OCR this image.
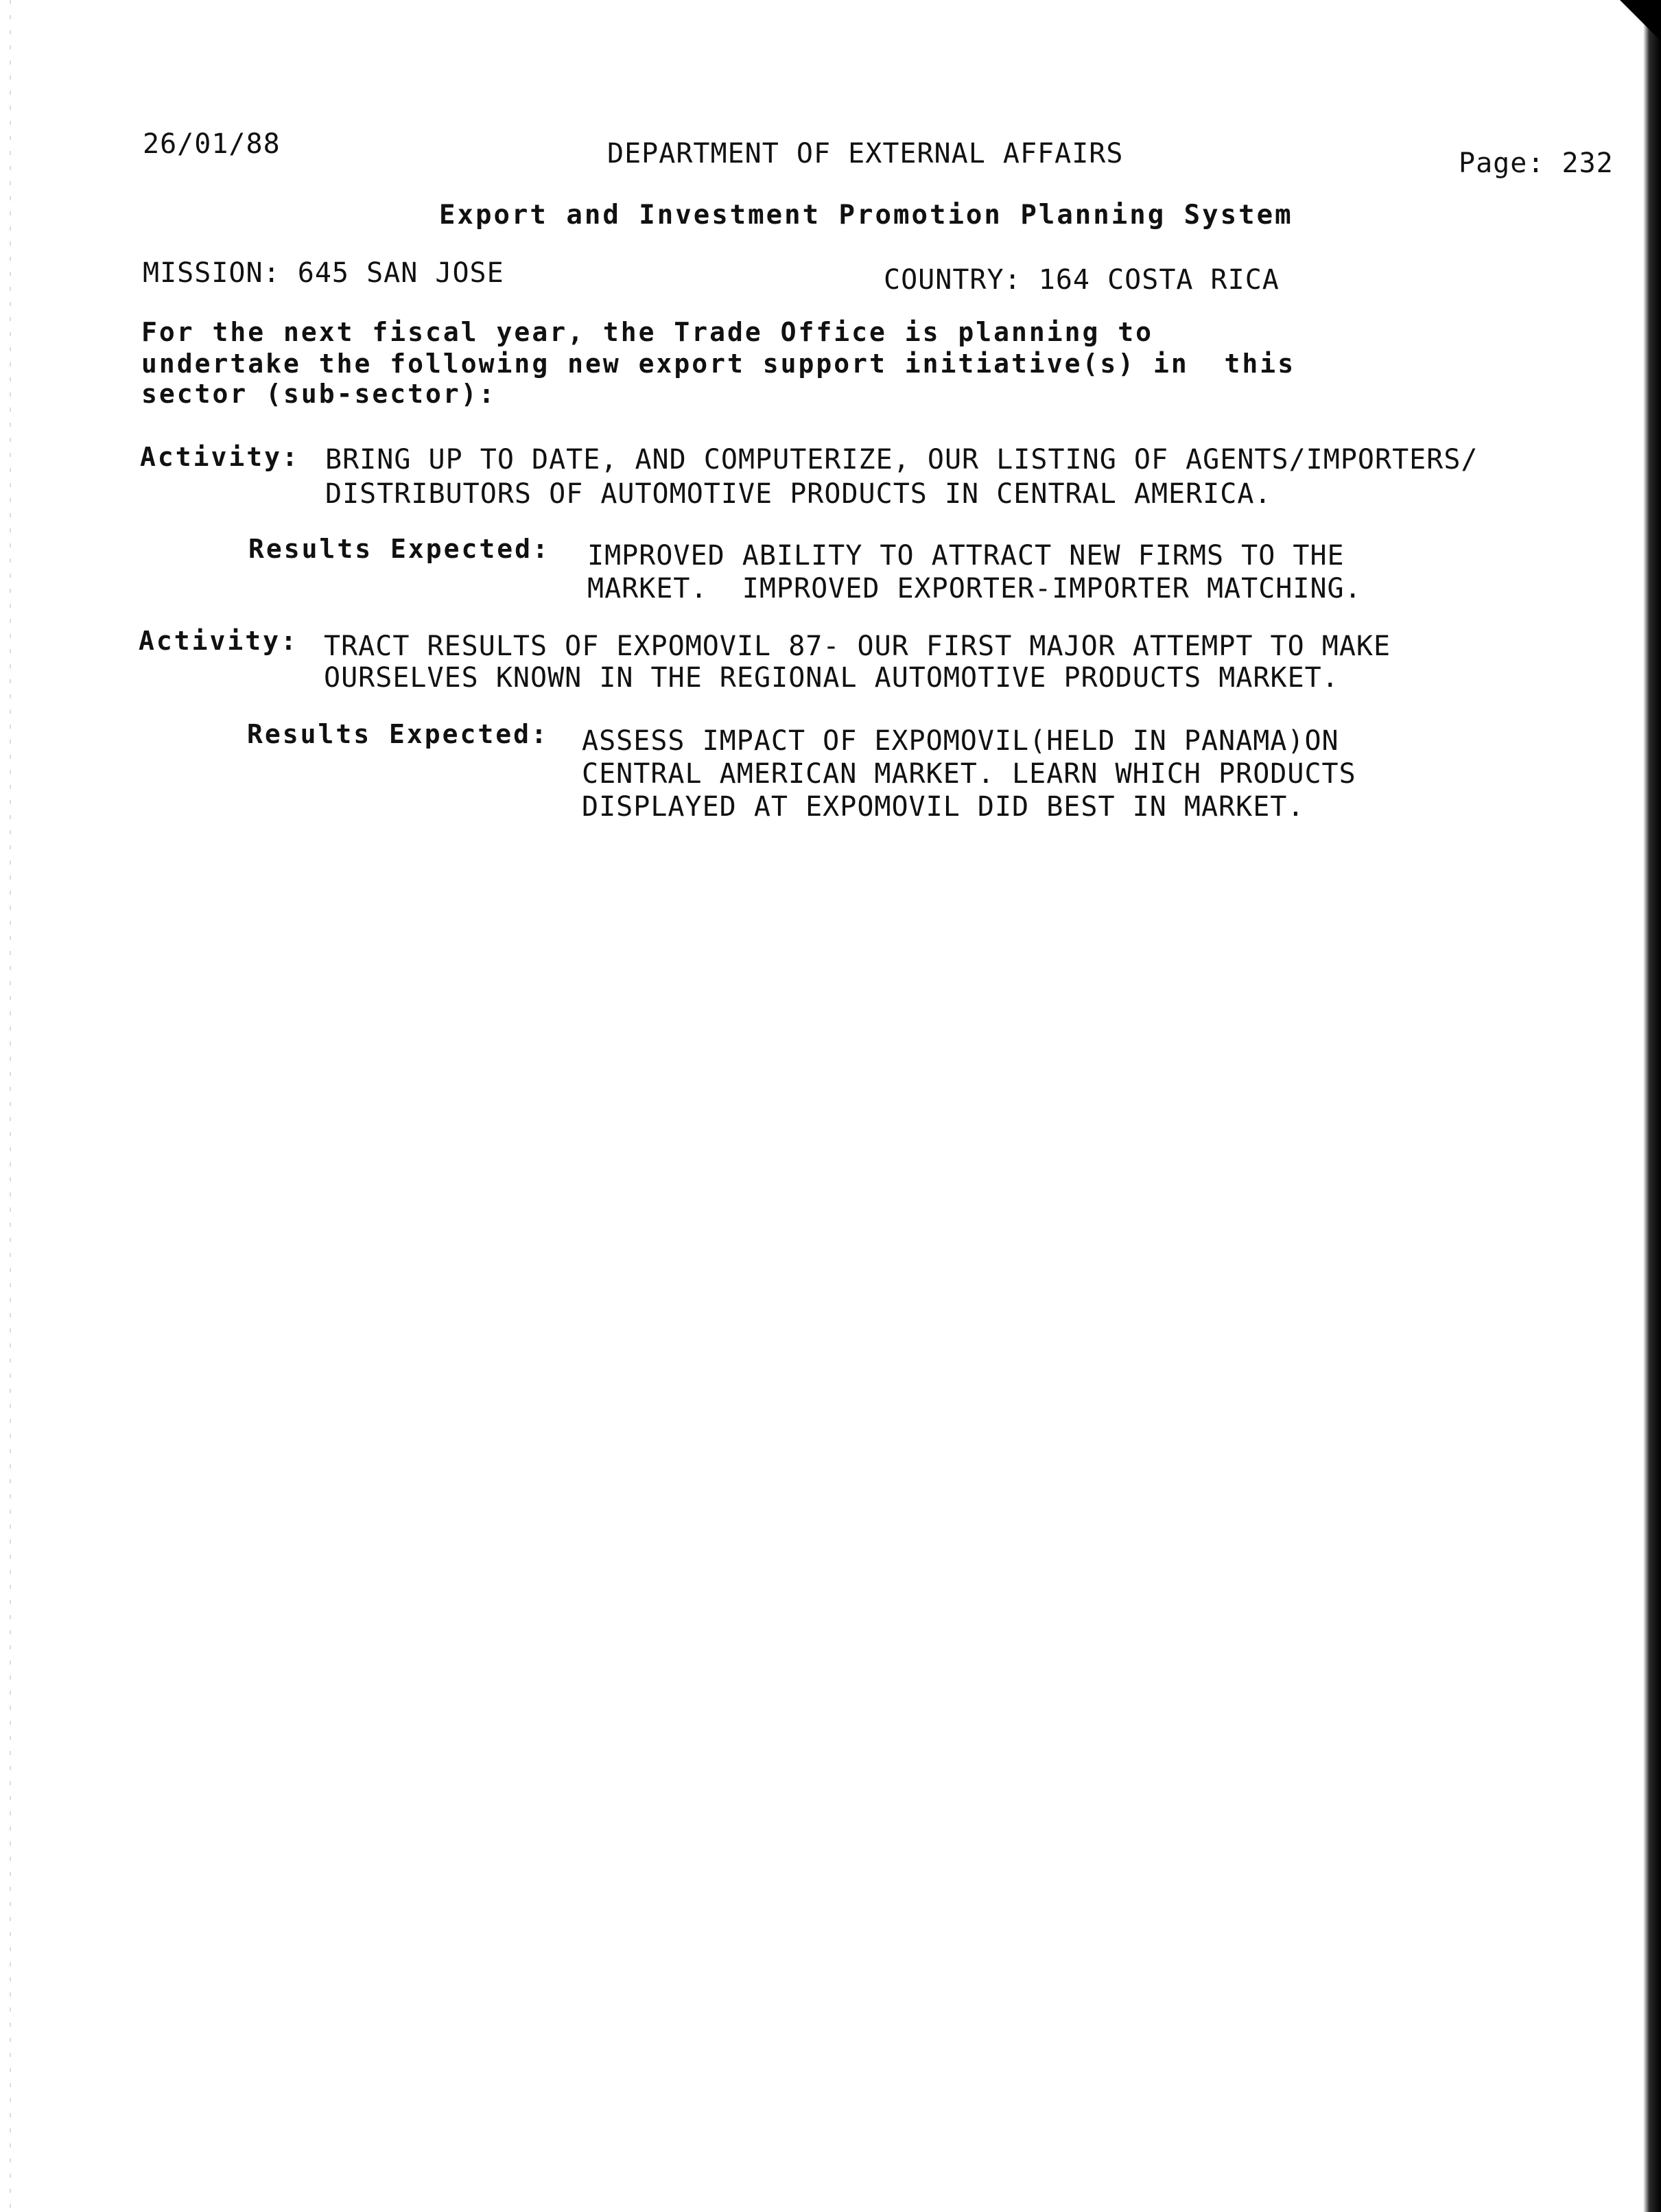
26/01/88	DEPARTMENT OF EXTERNAL AFFAIRS	Page: 232
Export and Investment Promotion Planning System
MISSION: 645 SAN JOSE	COUNTRY: 164 COSTA RICA
For the next fiscal year, the Trade Office is planning to
undertake the following new export support initiative(s) in  this
sector (sub-sector):
Activity: BRING UP TO DATE, AND COMPUTERIZE, OUR LISTING OF AGENTS/IMPORTERS/
DISTRIBUTORS OF AUTOMOTIVE PRODUCTS IN CENTRAL AMERICA.
Results Expected: IMPROVED ABILITY TO ATTRACT NEW FIRMS TO THE
MARKET.  IMPROVED EXPORTER-IMPORTER MATCHING.
Activity: TRACT RESULTS OF EXPOMOVIL 87- OUR FIRST MAJOR ATTEMPT TO MAKE
OURSELVES KNOWN IN THE REGIONAL AUTOMOTIVE PRODUCTS MARKET.
Results Expected: ASSESS IMPACT OF EXPOMOVIL(HELD IN PANAMA)ON
CENTRAL AMERICAN MARKET. LEARN WHICH PRODUCTS
DISPLAYED AT EXPOMOVIL DID BEST IN MARKET.
